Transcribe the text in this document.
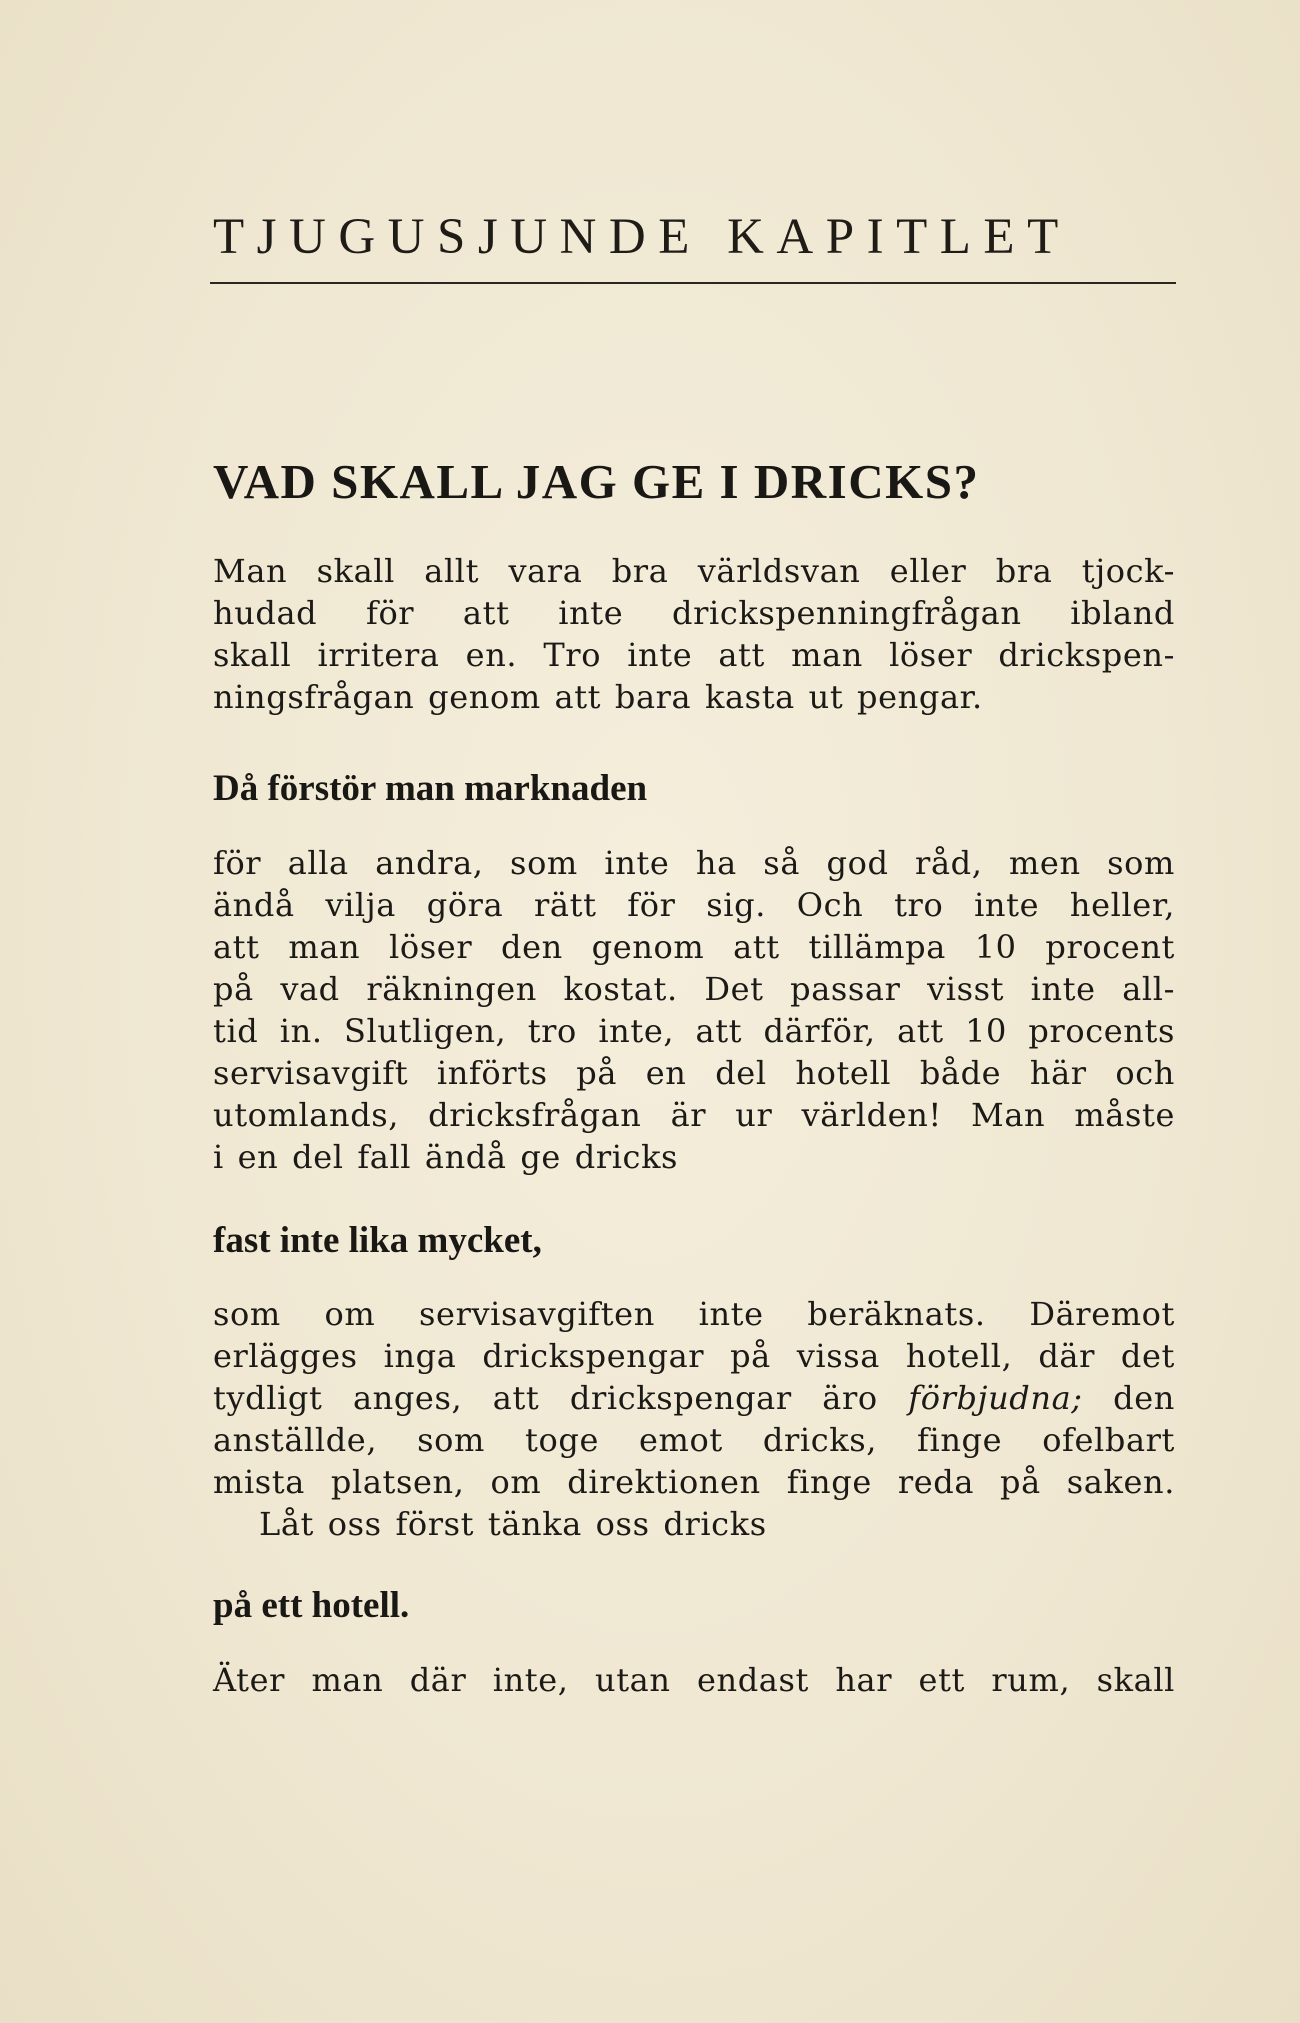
TJUGUSJUNDE KAPITLET
VAD SKALL JAG GE I DRICKS?
Man skall allt vara bra världsvan eller bra tjock-
hudad för att inte drickspenningfrågan ibland
skall irritera en. Tro inte att man löser drickspen-
ningsfrågan genom att bara kasta ut pengar.
Då förstör man marknaden
för alla andra, som inte ha så god råd, men som
ändå vilja göra rätt för sig. Och tro inte heller,
att man löser den genom att tillämpa 10 procent
på vad räkningen kostat. Det passar visst inte all-
tid in. Slutligen, tro inte, att därför, att 10 procents
servisavgift införts på en del hotell både här och
utomlands, dricksfrågan är ur världen! Man måste
i en del fall ändå ge dricks
fast inte lika mycket,
som om servisavgiften inte beräknats. Däremot
erlägges inga drickspengar på vissa hotell, där det
tydligt anges, att drickspengar äro förbjudna; den
anställde, som toge emot dricks, finge ofelbart
mista platsen, om direktionen finge reda på saken.
Låt oss först tänka oss dricks
på ett hotell.
Äter man där inte, utan endast har ett rum, skall
